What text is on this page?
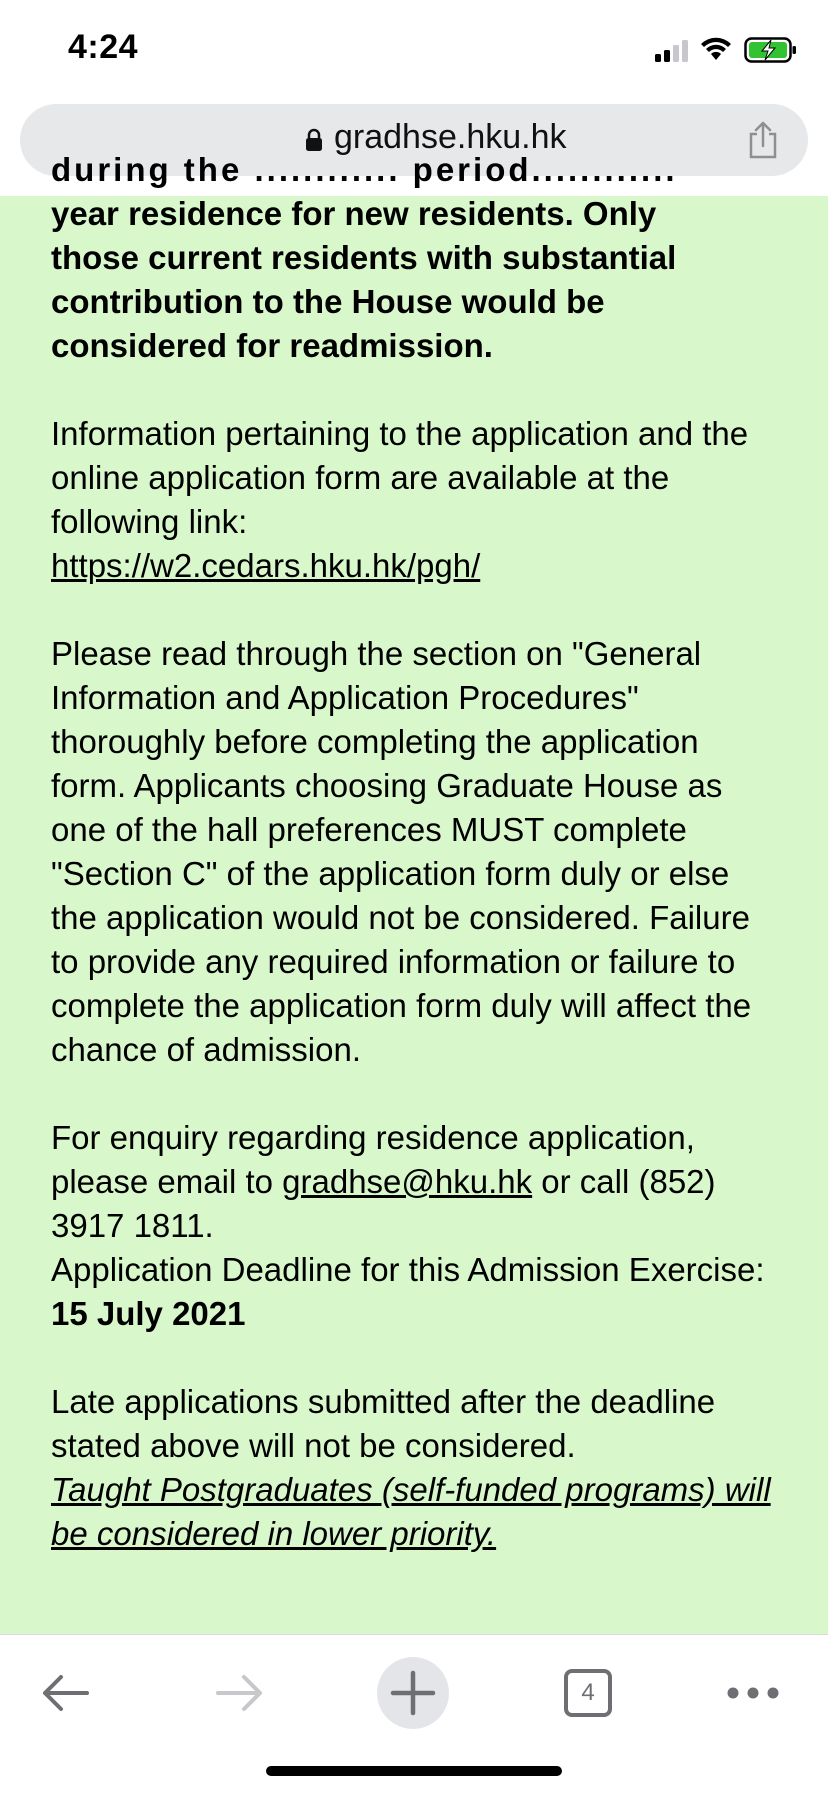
4:24
gradhse.hku.hk

during the ............ period............

year residence for new residents. Only

those current residents with substantial

contribution to the House would be

considered for readmission.

Information pertaining to the application and the online application form are available at the following link:
https://w2.cedars.hku.hk/pgh/

Please read through the section on "General Information and Application Procedures" thoroughly before completing the application form. Applicants choosing Graduate House as one of the hall preferences MUST complete "Section C" of the application form duly or else the application would not be considered. Failure to provide any required information or failure to complete the application form duly will affect the chance of admission.

For enquiry regarding residence application, please email to gradhse@hku.hk or call (852) 3917 1811.

Application Deadline for this Admission Exercise: 15 July 2021

Late applications submitted after the deadline stated above will not be considered.

Taught Postgraduates (self-funded programs) will be considered in lower priority.

4
